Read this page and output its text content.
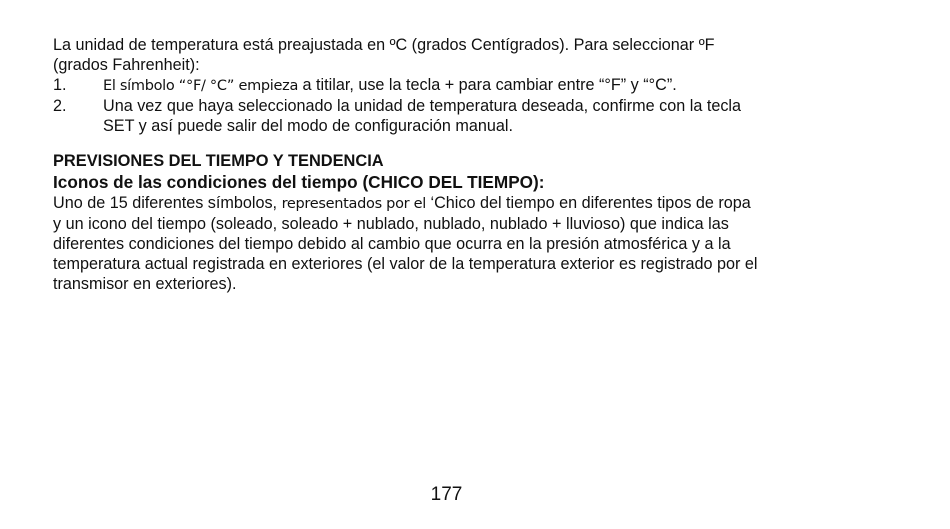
La unidad de temperatura está preajustada en ºC (grados Centígrados). Para seleccionar ºF

(grados Fahrenheit):

1.	El símbolo “°F/ °C” empieza a titilar, use la tecla + para cambiar entre “°F” y “°C”.
2.	Una vez que haya seleccionado la unidad de temperatura deseada, confirme con la tecla
SET y así puede salir del modo de configuración manual.
PREVISIONES DEL TIEMPO Y TENDENCIA
Iconos de las condiciones del tiempo (CHICO DEL TIEMPO):
Uno de 15 diferentes símbolos, representados por el ‘Chico del tiempo en diferentes tipos de ropa
y un icono del tiempo (soleado, soleado + nublado, nublado, nublado + lluvioso) que indica las
diferentes condiciones del tiempo debido al cambio que ocurra en la presión atmosférica y a la
temperatura actual registrada en exteriores (el valor de la temperatura exterior es registrado por el
transmisor en exteriores).
177
